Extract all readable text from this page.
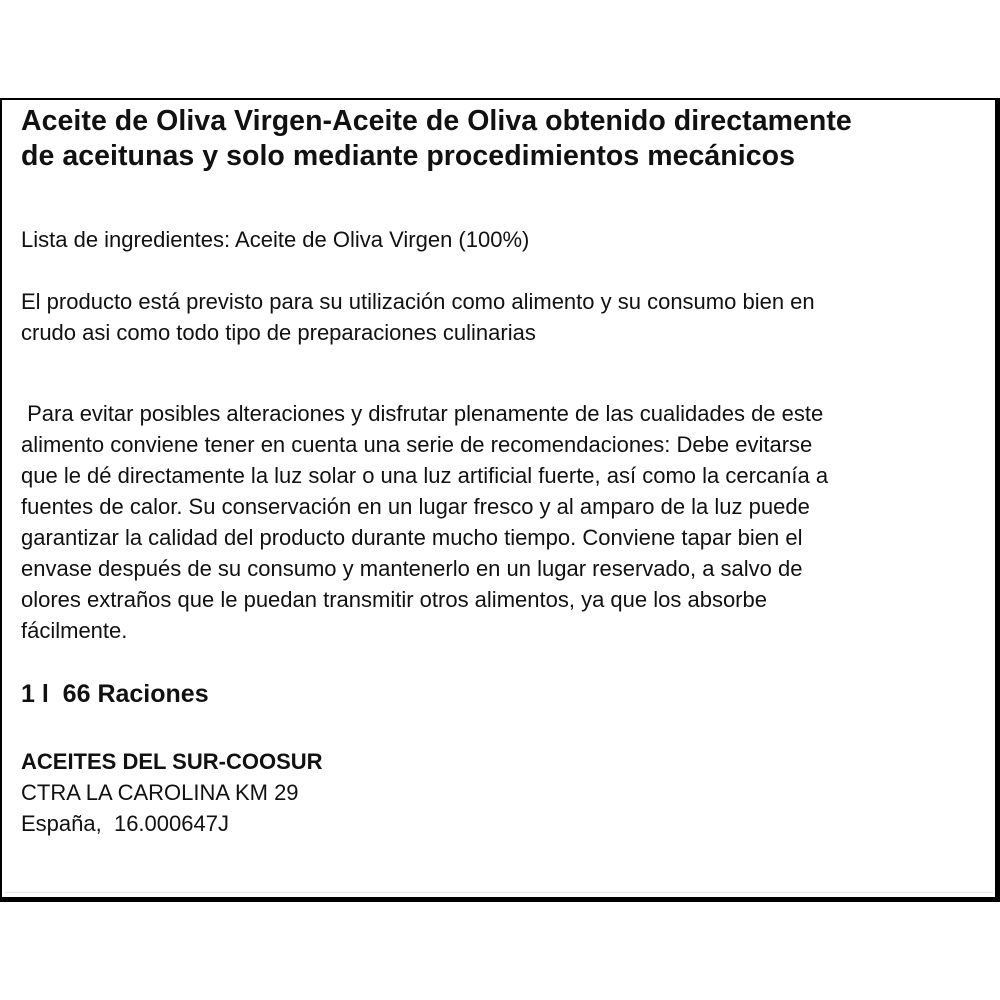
Aceite de Oliva Virgen-Aceite de Oliva obtenido directamente
de aceitunas y solo mediante procedimientos mecánicos

Lista de ingredientes: Aceite de Oliva Virgen (100%)

El producto está previsto para su utilización como alimento y su consumo bien en
crudo asi como todo tipo de preparaciones culinarias

Para evitar posibles alteraciones y disfrutar plenamente de las cualidades de este
alimento conviene tener en cuenta una serie de recomendaciones: Debe evitarse
que le dé directamente la luz solar o una luz artificial fuerte, así como la cercanía a
fuentes de calor. Su conservación en un lugar fresco y al amparo de la luz puede
garantizar la calidad del producto durante mucho tiempo. Conviene tapar bien el
envase después de su consumo y mantenerlo en un lugar reservado, a salvo de
olores extraños que le puedan transmitir otros alimentos, ya que los absorbe
fácilmente.

1 l  66 Raciones

ACEITES DEL SUR-COOSUR

CTRA LA CAROLINA KM 29

España,  16.000647J
